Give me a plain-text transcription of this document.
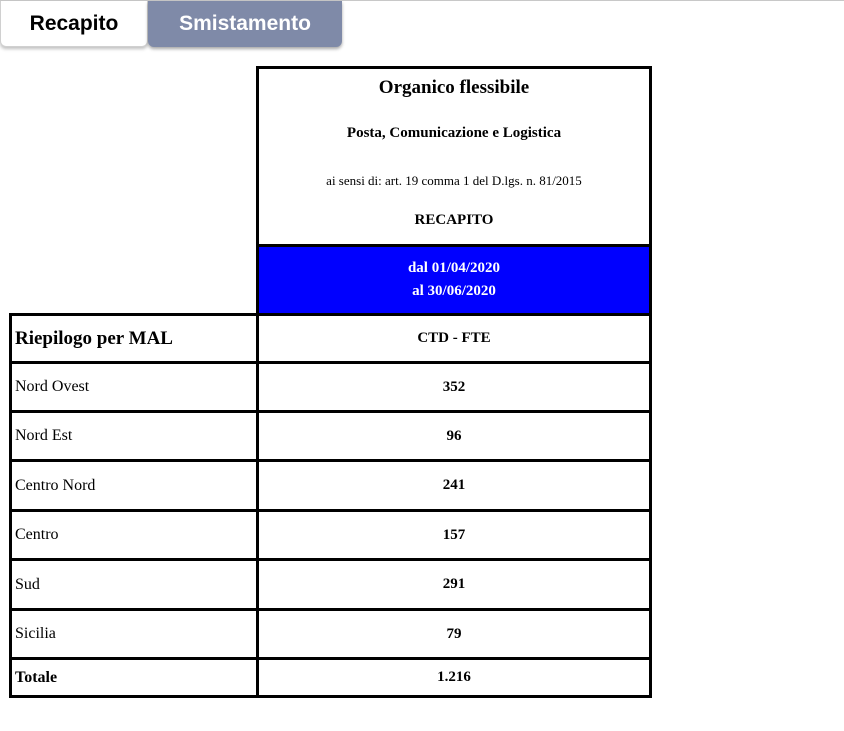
Recapito	Smistamento
Organico flessibile
Posta, Comunicazione e Logistica
ai sensi di: art. 19 comma 1 del D.lgs. n. 81/2015
RECAPITO
dal 01/04/2020
al 30/06/2020
Riepilogo per MAL	CTD - FTE
Nord Ovest	352
Nord Est	96
Centro Nord	241
Centro	157
Sud	291
Sicilia	79
Totale	1.216
